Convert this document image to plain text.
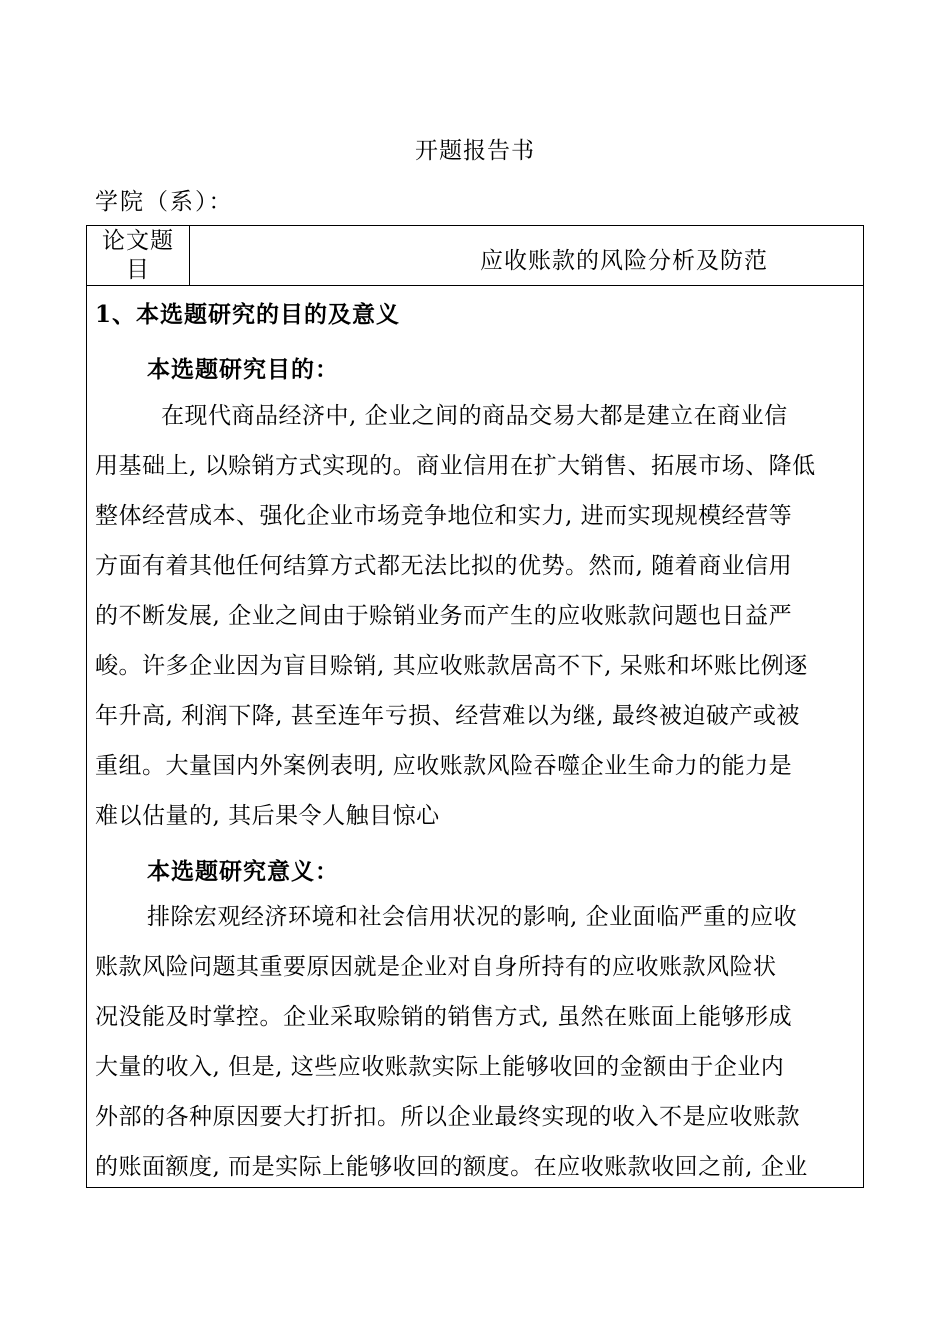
开题报告书
学院（系）：
论文题
目	应收账款的风险分析及防范
1、本选题研究的目的及意义
本选题研究目的：
在现代商品经济中, 企业之间的商品交易大都是建立在商业信
用基础上, 以赊销方式实现的。商业信用在扩大销售、拓展市场、降低
整体经营成本、强化企业市场竞争地位和实力, 进而实现规模经营等
方面有着其他任何结算方式都无法比拟的优势。然而, 随着商业信用
的不断发展, 企业之间由于赊销业务而产生的应收账款问题也日益严
峻。许多企业因为盲目赊销, 其应收账款居高不下, 呆账和坏账比例逐
年升高, 利润下降, 甚至连年亏损、经营难以为继, 最终被迫破产或被
重组。大量国内外案例表明, 应收账款风险吞噬企业生命力的能力是
难以估量的, 其后果令人触目惊心
本选题研究意义：
排除宏观经济环境和社会信用状况的影响, 企业面临严重的应收
账款风险问题其重要原因就是企业对自身所持有的应收账款风险状
况没能及时掌控。企业采取赊销的销售方式, 虽然在账面上能够形成
大量的收入, 但是, 这些应收账款实际上能够收回的金额由于企业内
外部的各种原因要大打折扣。所以企业最终实现的收入不是应收账款
的账面额度, 而是实际上能够收回的额度。在应收账款收回之前, 企业
